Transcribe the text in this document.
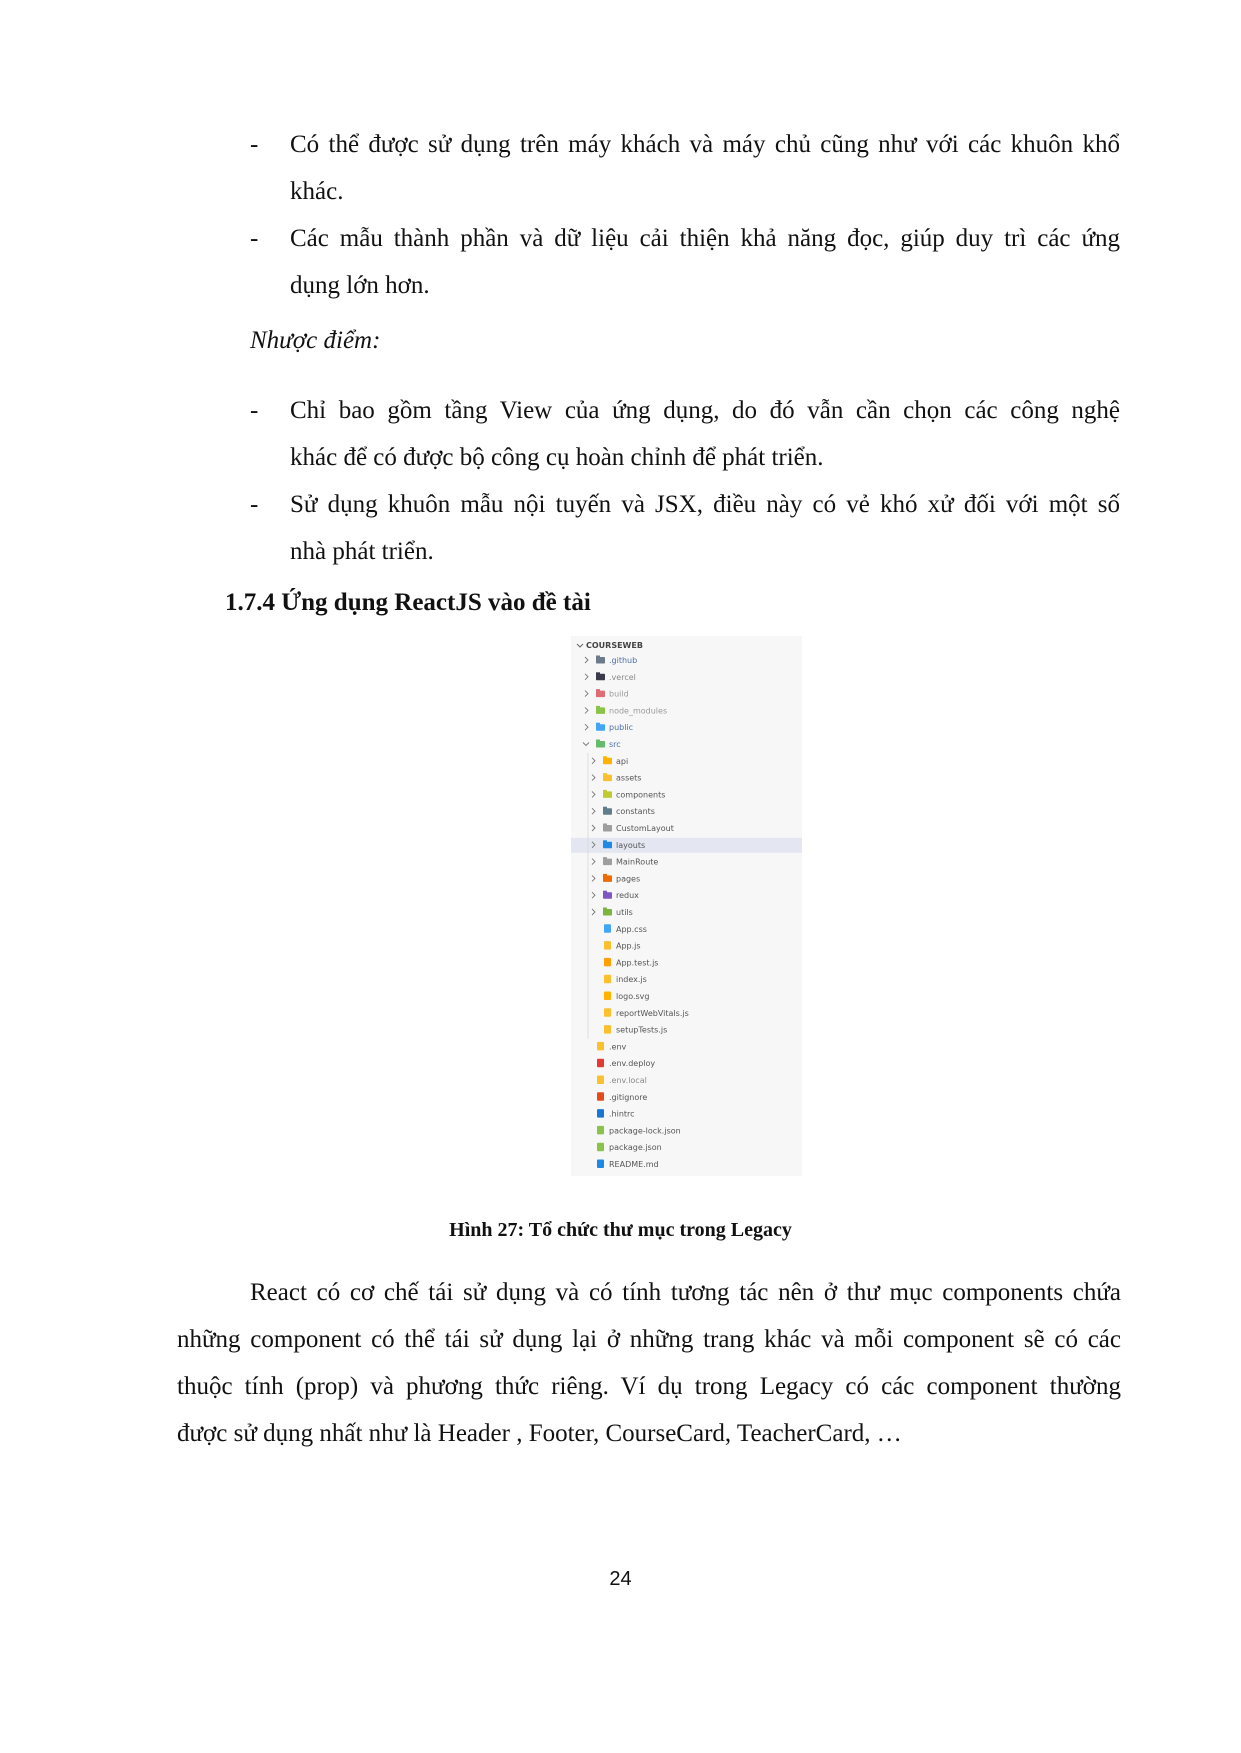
- Có thể được sử dụng trên máy khách và máy chủ cũng như với các khuôn khổ
khác.
- Các mẫu thành phần và dữ liệu cải thiện khả năng đọc, giúp duy trì các ứng
dụng lớn hơn.
Nhược điểm:
- Chỉ bao gồm tầng View của ứng dụng, do đó vẫn cần chọn các công nghệ
khác để có được bộ công cụ hoàn chỉnh để phát triển.
- Sử dụng khuôn mẫu nội tuyến và JSX, điều này có vẻ khó xử đối với một số
nhà phát triển.
1.7.4 Ứng dụng ReactJS vào đề tài
COURSEWEB
.github
.vercel
build
node_modules
public
src
api
assets
components
constants
CustomLayout
layouts
MainRoute
pages
redux
utils
App.css
App.js
App.test.js
index.js
logo.svg
reportWebVitals.js
setupTests.js
.env
.env.deploy
.env.local
.gitignore
.hintrc
package-lock.json
package.json
README.md
Hình 27: Tổ chức thư mục trong Legacy
React có cơ chế tái sử dụng và có tính tương tác nên ở thư mục components chứa
những component có thể tái sử dụng lại ở những trang khác và mỗi component sẽ có các
thuộc tính (prop) và phương thức riêng. Ví dụ trong Legacy có các component thường
được sử dụng nhất như là Header , Footer, CourseCard, TeacherCard, …
24
